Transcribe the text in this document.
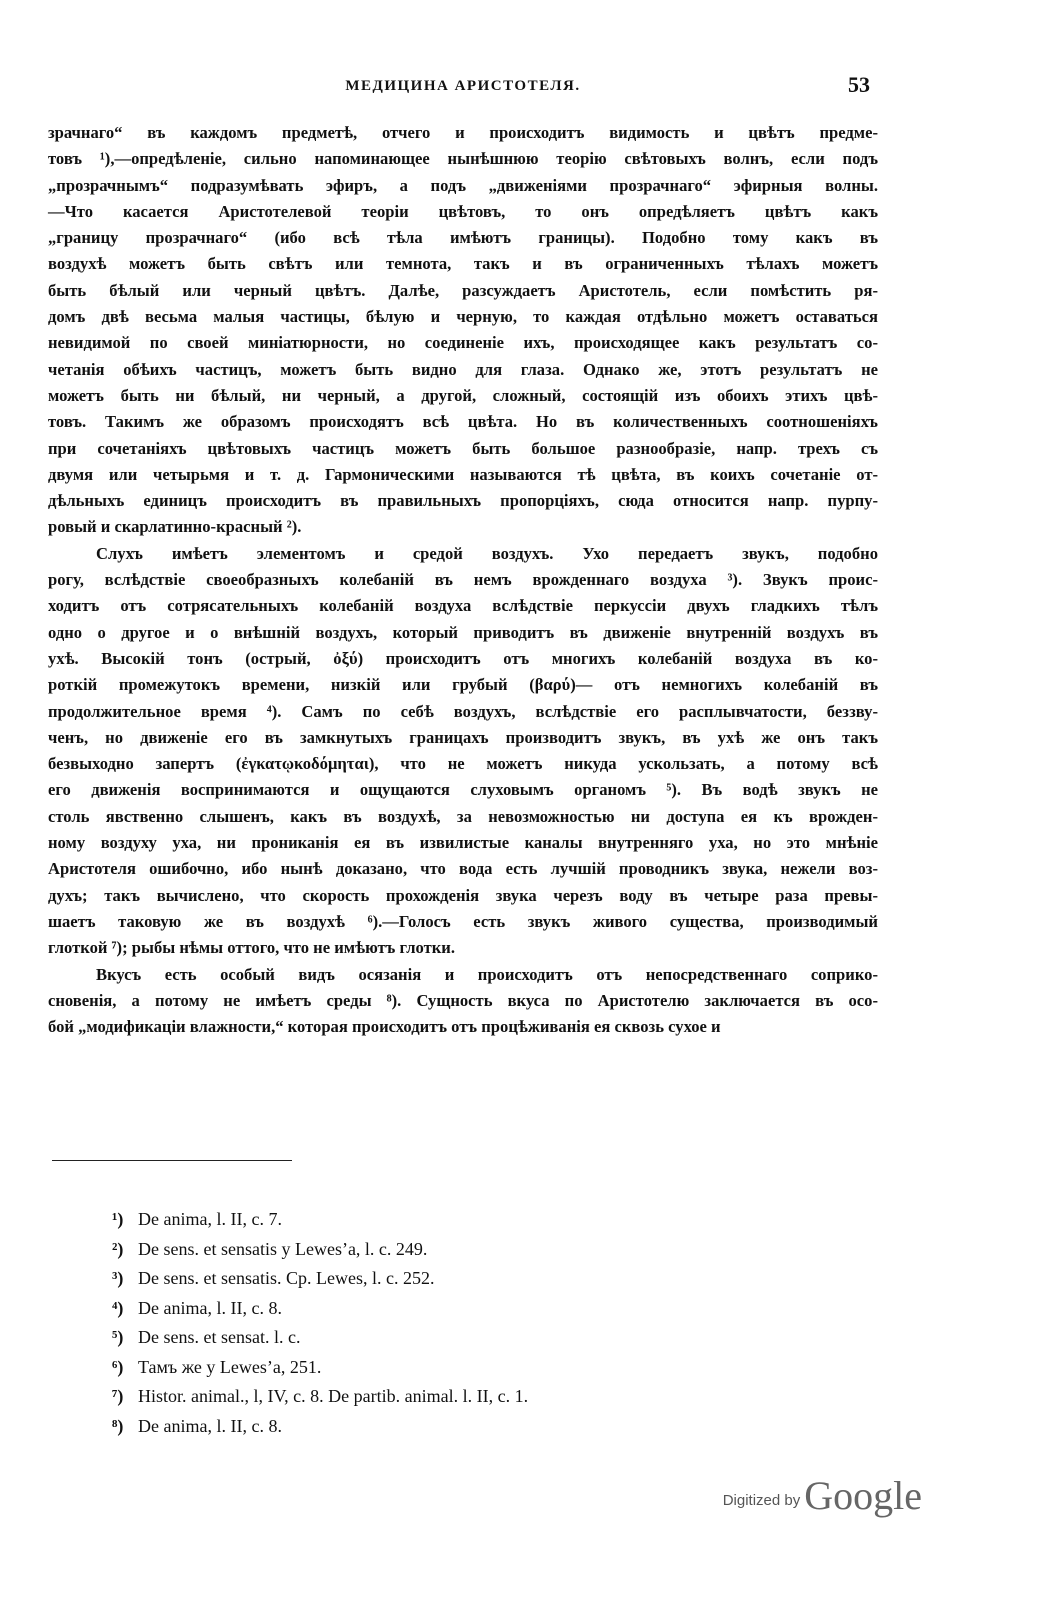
МЕДИЦИНА АРИСТОТЕЛЯ.	53
зрачнаго“ въ каждомъ предметѣ, отчего и происходитъ видимость и цвѣтъ предме-
товъ ¹),—опредѣленіе, сильно напоминающее нынѣшнюю теорію свѣтовыхъ волнъ, если подъ
„прозрачнымъ“ подразумѣвать эфиръ, а подъ „движеніями прозрачнаго“ эфирныя волны.
—Что касается Аристотелевой теоріи цвѣтовъ, то онъ опредѣляетъ цвѣтъ какъ
„границу прозрачнаго“ (ибо всѣ тѣла имѣютъ границы). Подобно тому какъ въ
воздухѣ можетъ быть свѣтъ или темнота, такъ и въ ограниченныхъ тѣлахъ можетъ
быть бѣлый или черный цвѣтъ. Далѣе, разсуждаетъ Аристотель, если помѣстить ря-
домъ двѣ весьма малыя частицы, бѣлую и черную, то каждая отдѣльно можетъ оставаться
невидимой по своей миніатюрности, но соединеніе ихъ, происходящее какъ результатъ со-
четанія обѣихъ частицъ, можетъ быть видно для глаза. Однако же, этотъ результатъ не
можетъ быть ни бѣлый, ни черный, а другой, сложный, состоящій изъ обоихъ этихъ цвѣ-
товъ. Такимъ же образомъ происходятъ всѣ цвѣта. Но въ количественныхъ соотношеніяхъ
при сочетаніяхъ цвѣтовыхъ частицъ можетъ быть большое разнообразіе, напр. трехъ съ
двумя или четырьмя и т. д. Гармоническими называются тѣ цвѣта, въ коихъ сочетаніе от-
дѣльныхъ единицъ происходитъ въ правильныхъ пропорціяхъ, сюда относится напр. пурпу-
ровый и скарлатинно-красный ²).
Слухъ имѣетъ элементомъ и средой воздухъ. Ухо передаетъ звукъ, подобно
рогу, вслѣдствіе своеобразныхъ колебаній въ немъ врожденнаго воздуха ³). Звукъ проис-
ходитъ отъ сотрясательныхъ колебаній воздуха вслѣдствіе перкуссіи двухъ гладкихъ тѣлъ
одно о другое и о внѣшній воздухъ, который приводитъ въ движеніе внутренній воздухъ въ
ухѣ. Высокій тонъ (острый, ὀξύ) происходитъ отъ многихъ колебаній воздуха въ ко-
роткій промежутокъ времени, низкій или грубый (βαρύ)— отъ немногихъ колебаній въ
продолжительное время ⁴). Самъ по себѣ воздухъ, вслѣдствіе его расплывчатости, беззву-
ченъ, но движеніе его въ замкнутыхъ границахъ производитъ звукъ, въ ухѣ же онъ такъ
безвыходно запертъ (ἐγκατῳκοδόμηται), что не можетъ никуда ускользать, а потому всѣ
его движенія воспринимаются и ощущаются слуховымъ органомъ ⁵). Въ водѣ звукъ не
столь явственно слышенъ, какъ въ воздухѣ, за невозможностью ни доступа ея къ врожден-
ному воздуху уха, ни прониканія ея въ извилистые каналы внутренняго уха, но это мнѣніе
Аристотеля ошибочно, ибо нынѣ доказано, что вода есть лучшій проводникъ звука, нежели воз-
духъ; такъ вычислено, что скорость прохожденія звука черезъ воду въ четыре раза превы-
шаетъ таковую же въ воздухѣ ⁶).—Голосъ есть звукъ живого существа, производимый
глоткой ⁷); рыбы нѣмы оттого, что не имѣютъ глотки.
Вкусъ есть особый видъ осязанія и происходитъ отъ непосредственнаго соприко-
сновенія, а потому не имѣетъ среды ⁸). Сущность вкуса по Аристотелю заключается въ осо-
бой „модификаціи влажности,“ которая происходитъ отъ процѣживанія ея сквозь сухое и
¹) De anima, l. II, c. 7.
²) De sens. et sensatis y Lewes’a, l. c. 249.
³) De sens. et sensatis. Cp. Lewes, l. c. 252.
⁴) De anima, l. II, c. 8.
⁵) De sens. et sensat. l. c.
⁶) Тамъ же у Lewes’a, 251.
⁷) Histor. animal., l, IV, c. 8. De partib. animal. l. II, c. 1.
⁸) De anima, l. II, c. 8.
Digitized by Google
